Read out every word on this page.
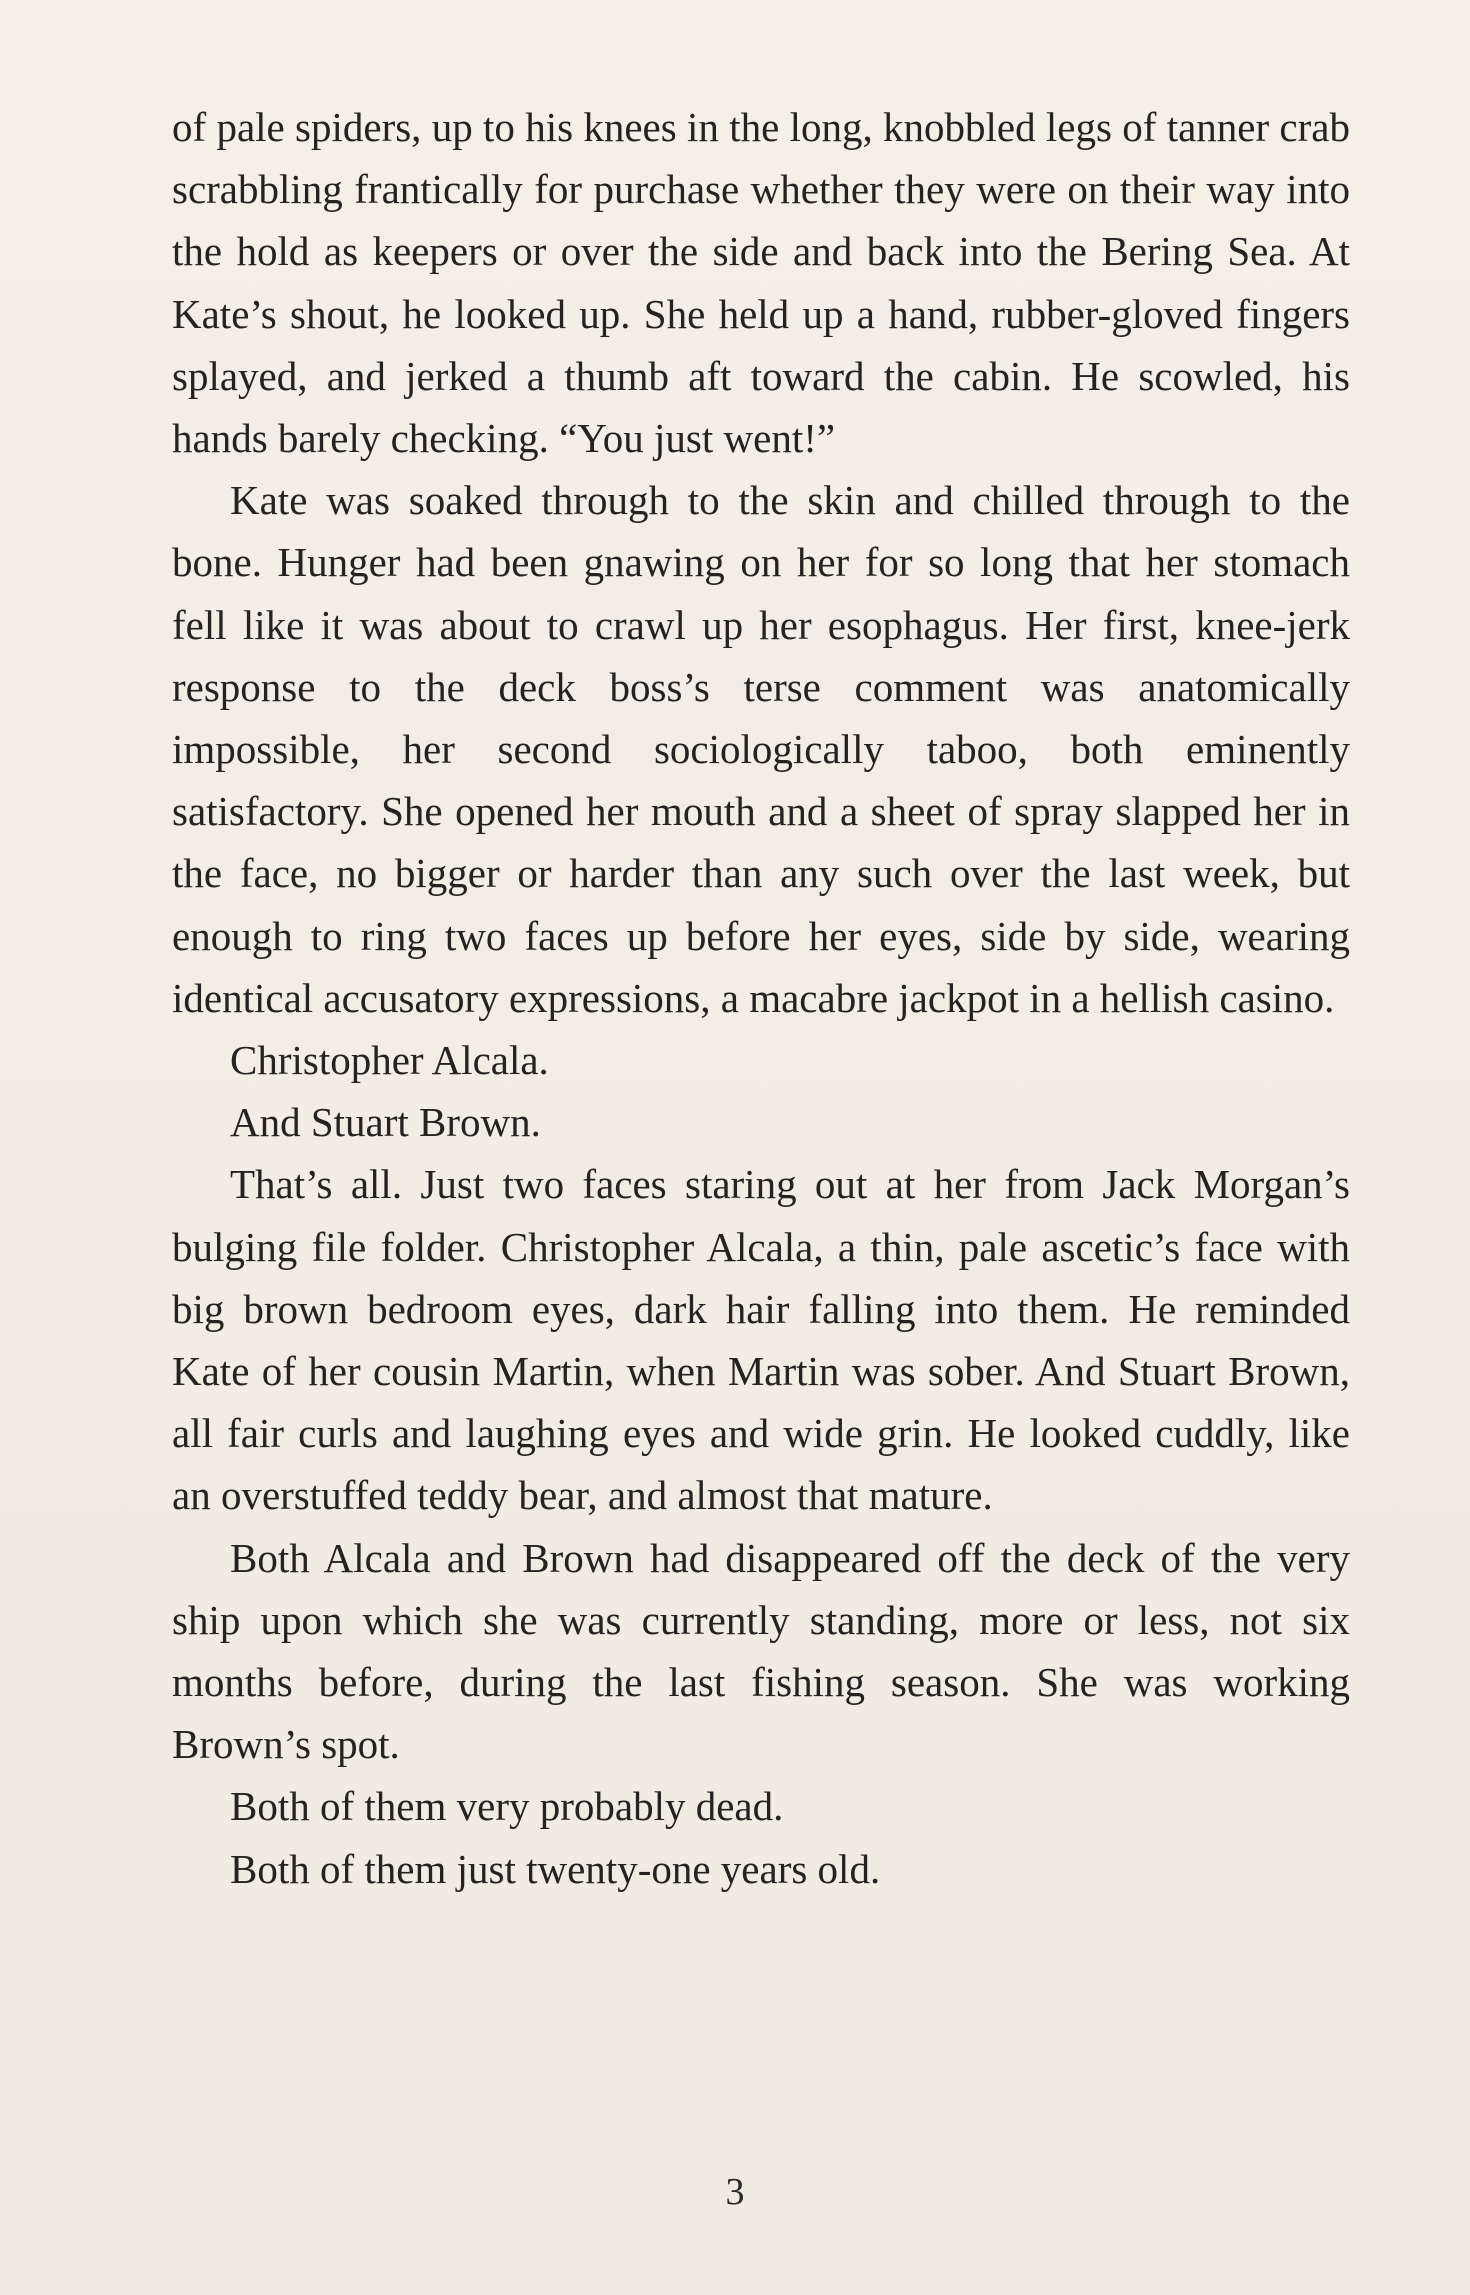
of pale spiders, up to his knees in the long, knobbled legs of tanner crab scrabbling frantically for purchase whether they were on their way into the hold as keepers or over the side and back into the Bering Sea. At Kate’s shout, he looked up. She held up a hand, rubber-gloved fingers splayed, and jerked a thumb aft toward the cabin. He scowled, his hands barely checking. “You just went!”

Kate was soaked through to the skin and chilled through to the bone. Hunger had been gnawing on her for so long that her stomach fell like it was about to crawl up her esophagus. Her first, knee-jerk response to the deck boss’s terse comment was anatomically impossible, her second sociologically taboo, both eminently satisfactory. She opened her mouth and a sheet of spray slapped her in the face, no bigger or harder than any such over the last week, but enough to ring two faces up before her eyes, side by side, wearing identical accusatory expressions, a macabre jackpot in a hellish casino.

Christopher Alcala.

And Stuart Brown.

That’s all. Just two faces staring out at her from Jack Morgan’s bulging file folder. Christopher Alcala, a thin, pale ascetic’s face with big brown bedroom eyes, dark hair falling into them. He reminded Kate of her cousin Martin, when Martin was sober. And Stuart Brown, all fair curls and laughing eyes and wide grin. He looked cuddly, like an overstuffed teddy bear, and almost that mature.

Both Alcala and Brown had disappeared off the deck of the very ship upon which she was currently standing, more or less, not six months before, during the last fishing season. She was working Brown’s spot.

Both of them very probably dead.

Both of them just twenty-one years old.

3
